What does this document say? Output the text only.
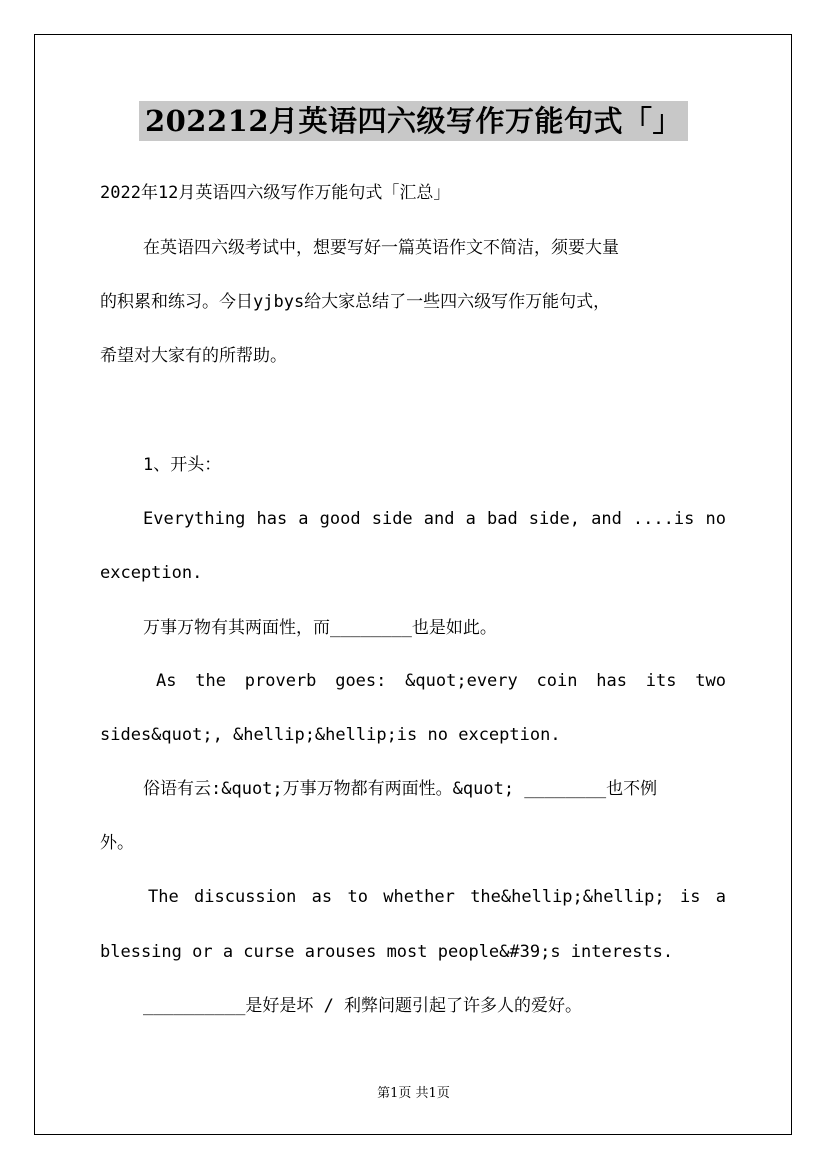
202212月英语四六级写作万能句式「」
2022年12月英语四六级写作万能句式「汇总」
在英语四六级考试中，想要写好一篇英语作文不简洁，须要大量
的积累和练习。今日yjbys给大家总结了一些四六级写作万能句式，
希望对大家有的所帮助。
1、开头：
Everything has a good side and a bad side, and ....is no
exception.
万事万物有其两面性，而________也是如此。
As the proverb goes: &quot;every coin has its two
sides&quot;, &hellip;&hellip;is no exception.
俗语有云:&quot;万事万物都有两面性。&quot; ________也不例
外。
The discussion as to whether the&hellip;&hellip; is a
blessing or a curse arouses most people&#39;s interests.
__________是好是坏 / 利弊问题引起了许多人的爱好。
第1页 共1页
